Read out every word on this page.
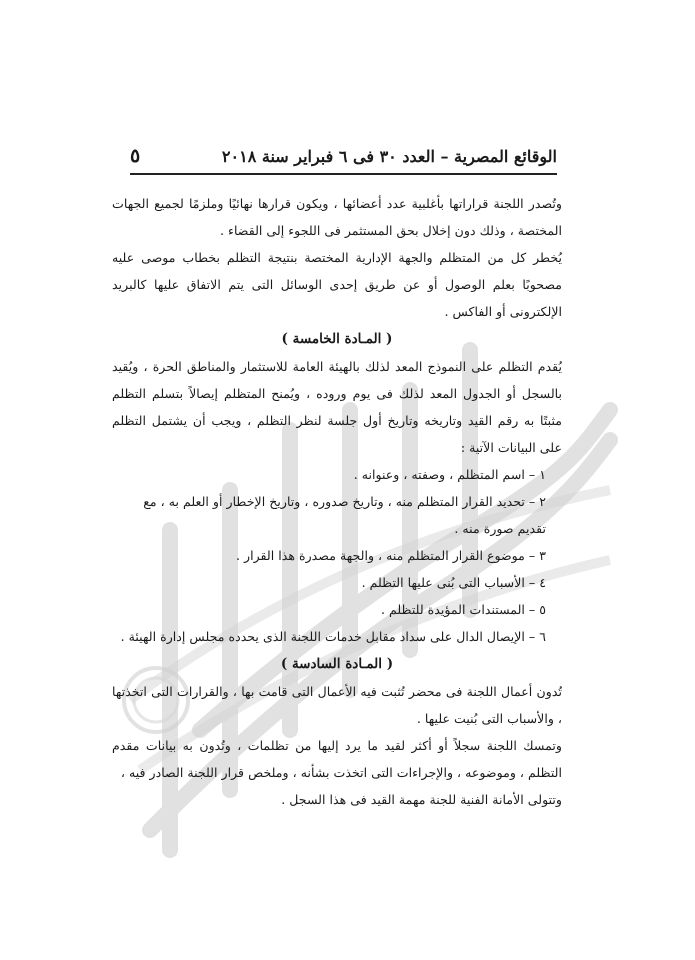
الوقائع المصرية – العدد ٣٠ فى ٦ فبراير سنة ٢٠١٨
٥

وتُصدر اللجنة قراراتها بأغلبية عدد أعضائها ، ويكون قرارها نهائيًا وملزمًا لجميع الجهات المختصة ، وذلك دون إخلال بحق المستثمر فى اللجوء إلى القضاء .

يُخطر كل من المتظلم والجهة الإدارية المختصة بنتيجة التظلم بخطاب موصى عليه مصحوبًا بعلم الوصول أو عن طريق إحدى الوسائل التى يتم الاتفاق عليها كالبريد الإلكترونى أو الفاكس .

( المـادة الخامسة )

يُقدم التظلم على النموذج المعد لذلك بالهيئة العامة للاستثمار والمناطق الحرة ، ويُقيد بالسجل أو الجدول المعد لذلك فى يوم وروده ، ويُمنح المتظلم إيصالاً بتسلم التظلم مثبتًا به رقم القيد وتاريخه وتاريخ أول جلسة لنظر التظلم ، ويجب أن يشتمل التظلم على البيانات الآتية :

١ – اسم المتظلم ، وصفته ، وعنوانه .

٢ – تحديد القرار المتظلم منه ، وتاريخ صدوره ، وتاريخ الإخطار أو العلم به ، مع تقديم صورة منه .

٣ – موضوع القرار المتظلم منه ، والجهة مصدرة هذا القرار .

٤ – الأسباب التى بُنى عليها التظلم .

٥ – المستندات المؤيدة للتظلم .

٦ – الإيصال الدال على سداد مقابل خدمات اللجنة الذى يحدده مجلس إدارة الهيئة .

( المـادة السادسة )

تُدون أعمال اللجنة فى محضر تُثبت فيه الأعمال التى قامت بها ، والقرارات التى اتخذتها ، والأسباب التى بُنيت عليها .

وتمسك اللجنة سجلاً أو أكثر لقيد ما يرد إليها من تظلمات ، وتُدون به بيانات مقدم التظلم ، وموضوعه ، والإجراءات التى اتخذت بشأنه ، وملخص قرار اللجنة الصادر فيه ،

وتتولى الأمانة الفنية للجنة مهمة القيد فى هذا السجل .
